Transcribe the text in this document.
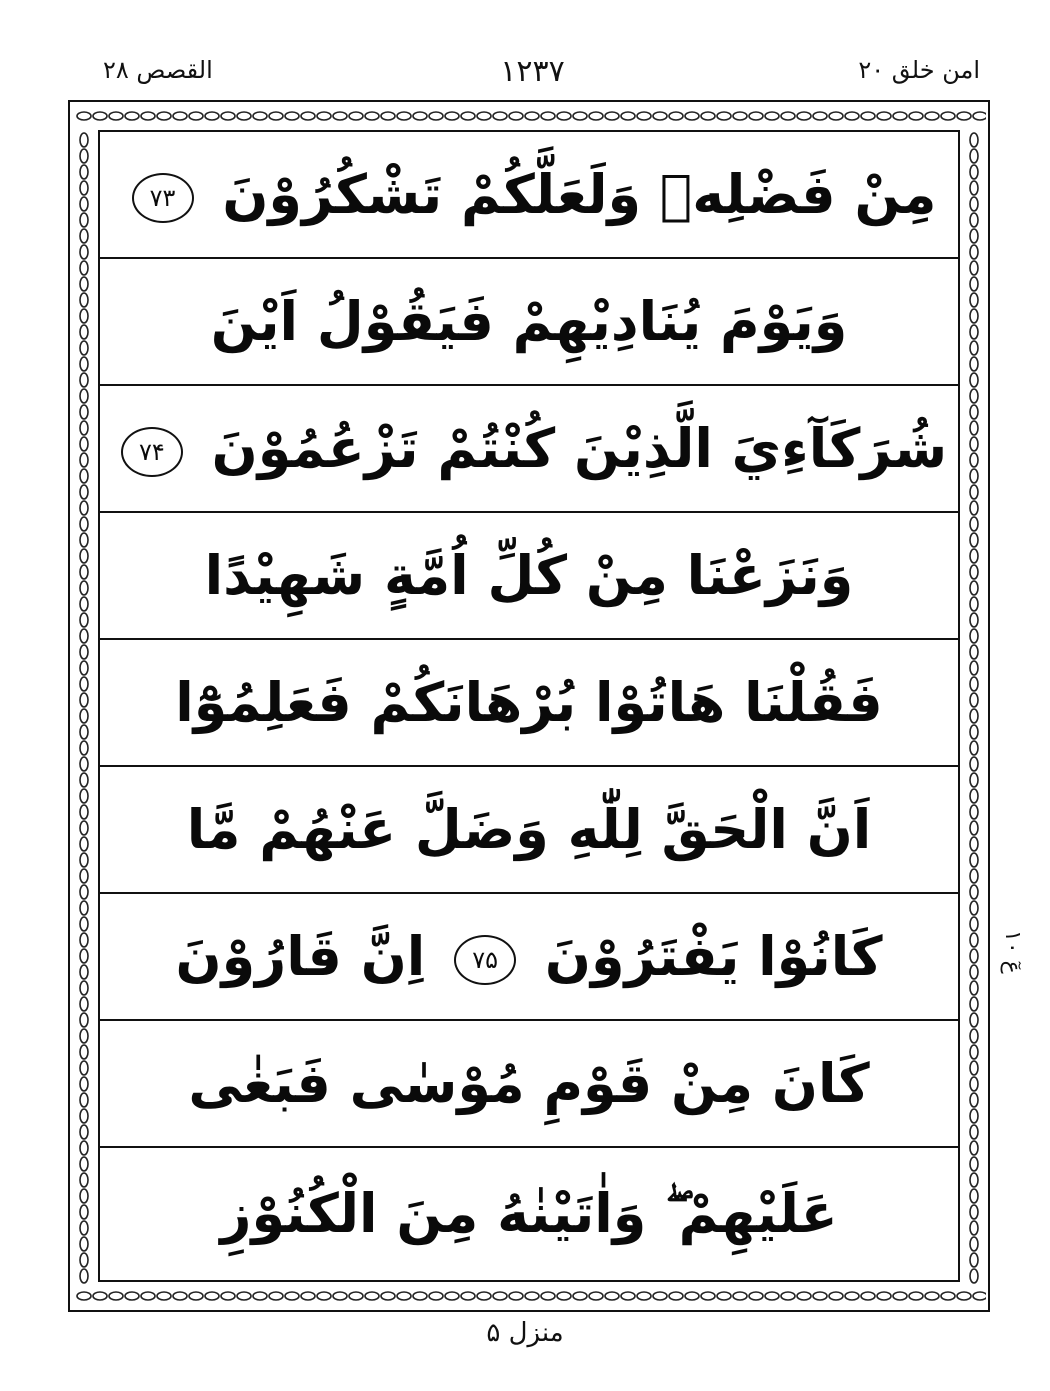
القصص ۲۸	۱۲۳۷	امن خلق ۲۰
مِنْ فَضْلِهٖ وَلَعَلَّكُمْ تَشْكُرُوْنَ ۷۳
وَيَوْمَ يُنَادِيْهِمْ فَيَقُوْلُ اَيْنَ
شُرَكَآءِيَ الَّذِيْنَ كُنْتُمْ تَزْعُمُوْنَ ۷۴
وَنَزَعْنَا مِنْ كُلِّ اُمَّةٍ شَهِيْدًا
فَقُلْنَا هَاتُوْا بُرْهَانَكُمْ فَعَلِمُوْٓا
اَنَّ الْحَقَّ لِلّٰهِ وَضَلَّ عَنْهُمْ مَّا
كَانُوْا يَفْتَرُوْنَ ۷۵ اِنَّ قَارُوْنَ
كَانَ مِنْ قَوْمِ مُوْسٰى فَبَغٰى
عَلَيْهِمْ ۖ وَاٰتَيْنٰهُ مِنَ الْكُنُوْزِ
عٓ ١٠
منزل ۵
